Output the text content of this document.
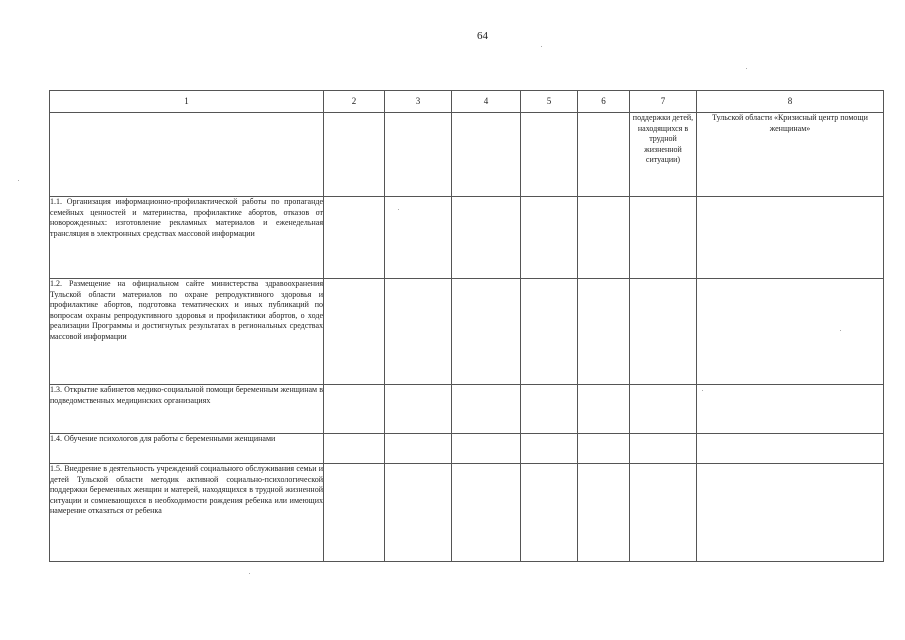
64
1	2	3	4	5	6	7	8
						поддержки детей, находящихся в трудной жизненной ситуации)	Тульской области «Кризисный центр помощи женщинам»
1.1. Организация информационно-профилактической работы по пропаганде семейных ценностей и материнства, профилактике абортов, отказов от новорожденных: изготовление рекламных материалов и еженедельная трансляция в электронных средствах массовой информации							
1.2. Размещение на официальном сайте министерства здравоохранения Тульской области материалов по охране репродуктивного здоровья и профилактике абортов, подготовка тематических и иных публикаций по вопросам охраны репродуктивного здоровья и профилактики абортов, о ходе реализации Программы и достигнутых результатах в региональных средствах массовой информации							
1.3. Открытие кабинетов медико-социальной помощи беременным женщинам в подведомственных медицинских организациях							
1.4. Обучение психологов для работы с беременными женщинами							
1.5. Внедрение в деятельность учреждений социального обслуживания семьи и детей Тульской области методик активной социально-психологической поддержки беременных женщин и матерей, находящихся в трудной жизненной ситуации и сомневающихся в необходимости рождения ребенка или имеющих намерение отказаться от ребенка							
